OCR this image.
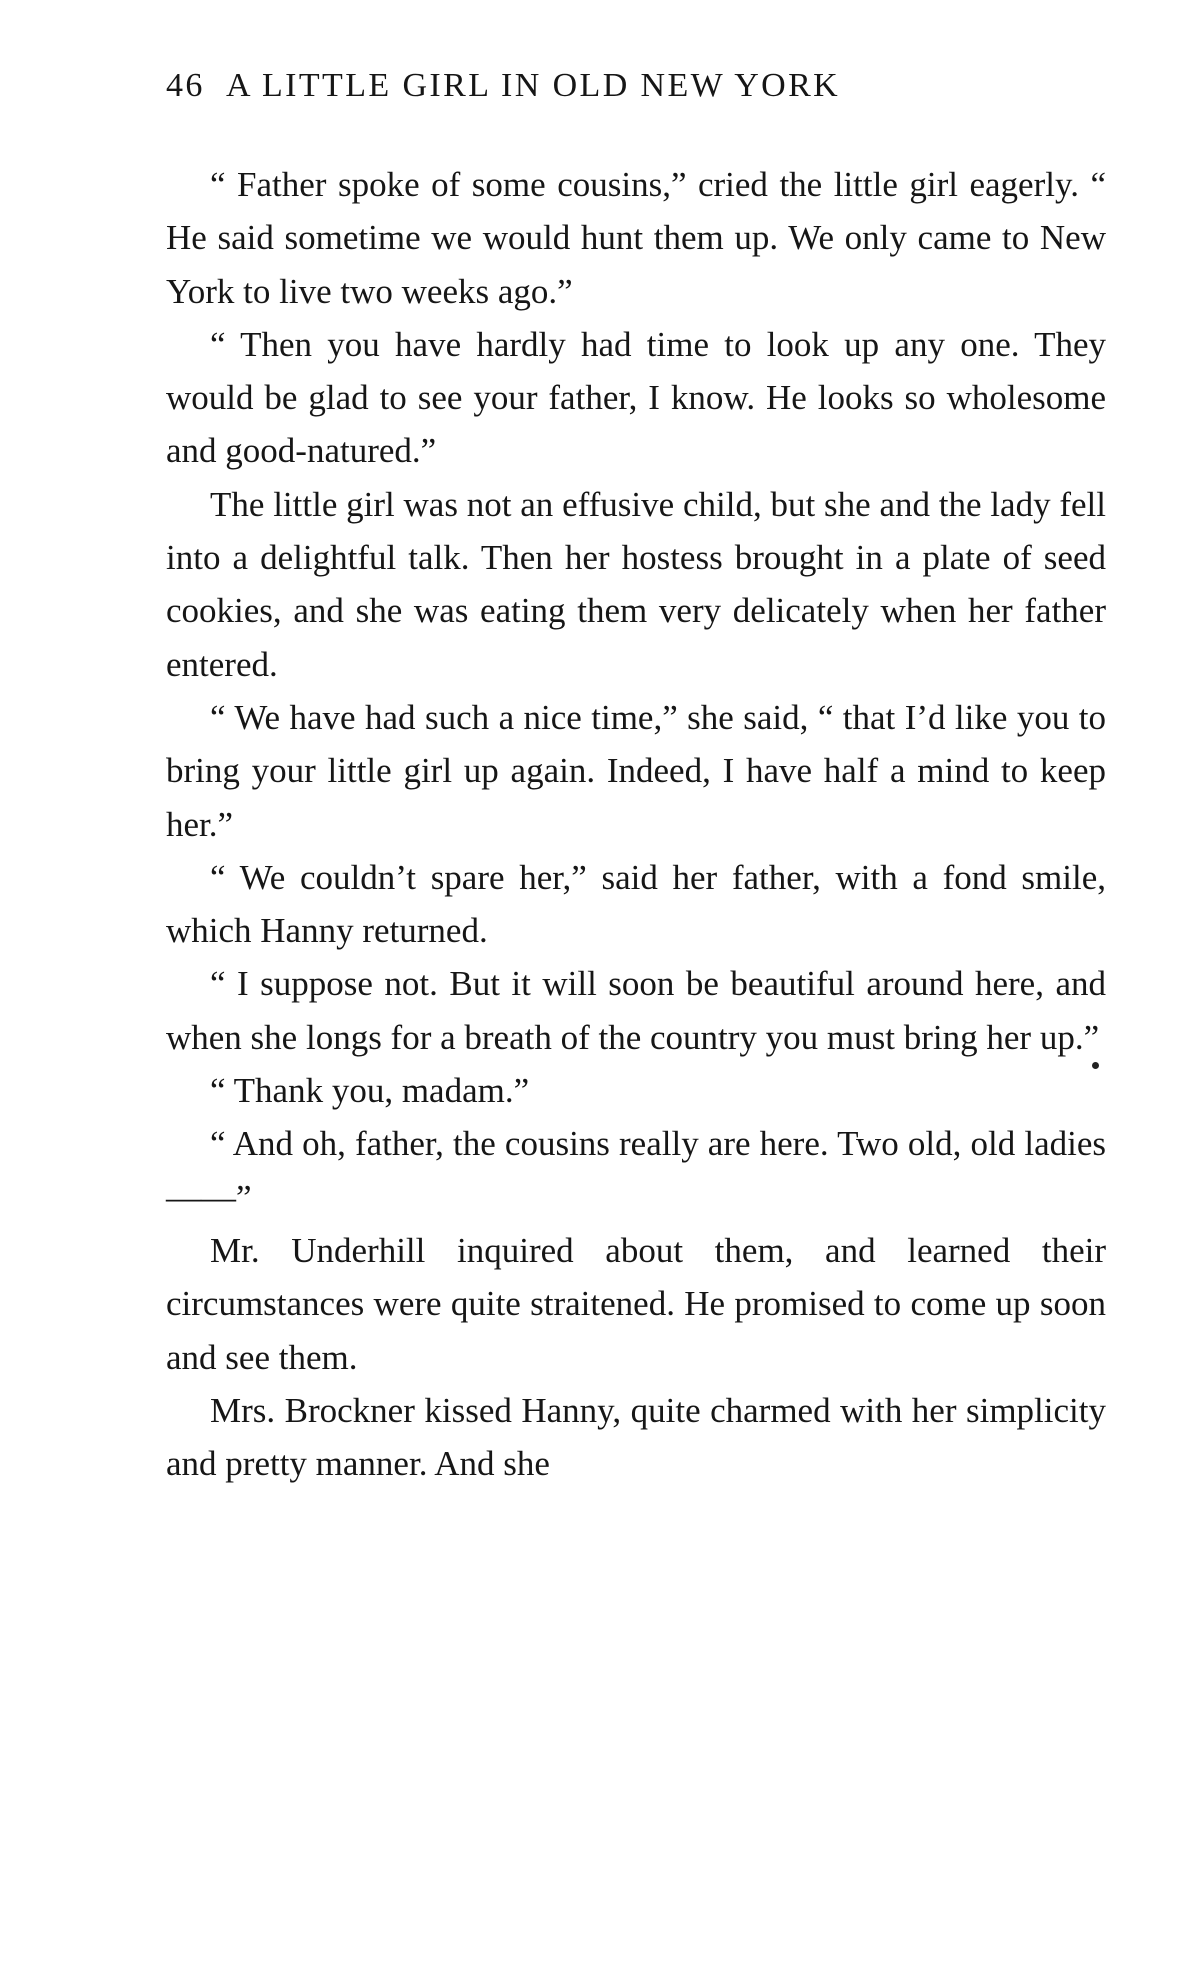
46 A LITTLE GIRL IN OLD NEW YORK

“ Father spoke of some cousins,” cried the little girl eagerly. “ He said sometime we would hunt them up. We only came to New York to live two weeks ago.”

“ Then you have hardly had time to look up any one. They would be glad to see your father, I know. He looks so wholesome and good-natured.”

The little girl was not an effusive child, but she and the lady fell into a delightful talk. Then her hostess brought in a plate of seed cookies, and she was eating them very delicately when her father entered.

“ We have had such a nice time,” she said, “ that I’d like you to bring your little girl up again. Indeed, I have half a mind to keep her.”

“ We couldn’t spare her,” said her father, with a fond smile, which Hanny returned.

“ I suppose not. But it will soon be beautiful around here, and when she longs for a breath of the country you must bring her up.”

“ Thank you, madam.”

“ And oh, father, the cousins really are here. Two old, old ladies——”

Mr. Underhill inquired about them, and learned their circumstances were quite straitened. He promised to come up soon and see them.

Mrs. Brockner kissed Hanny, quite charmed with her simplicity and pretty manner. And she
